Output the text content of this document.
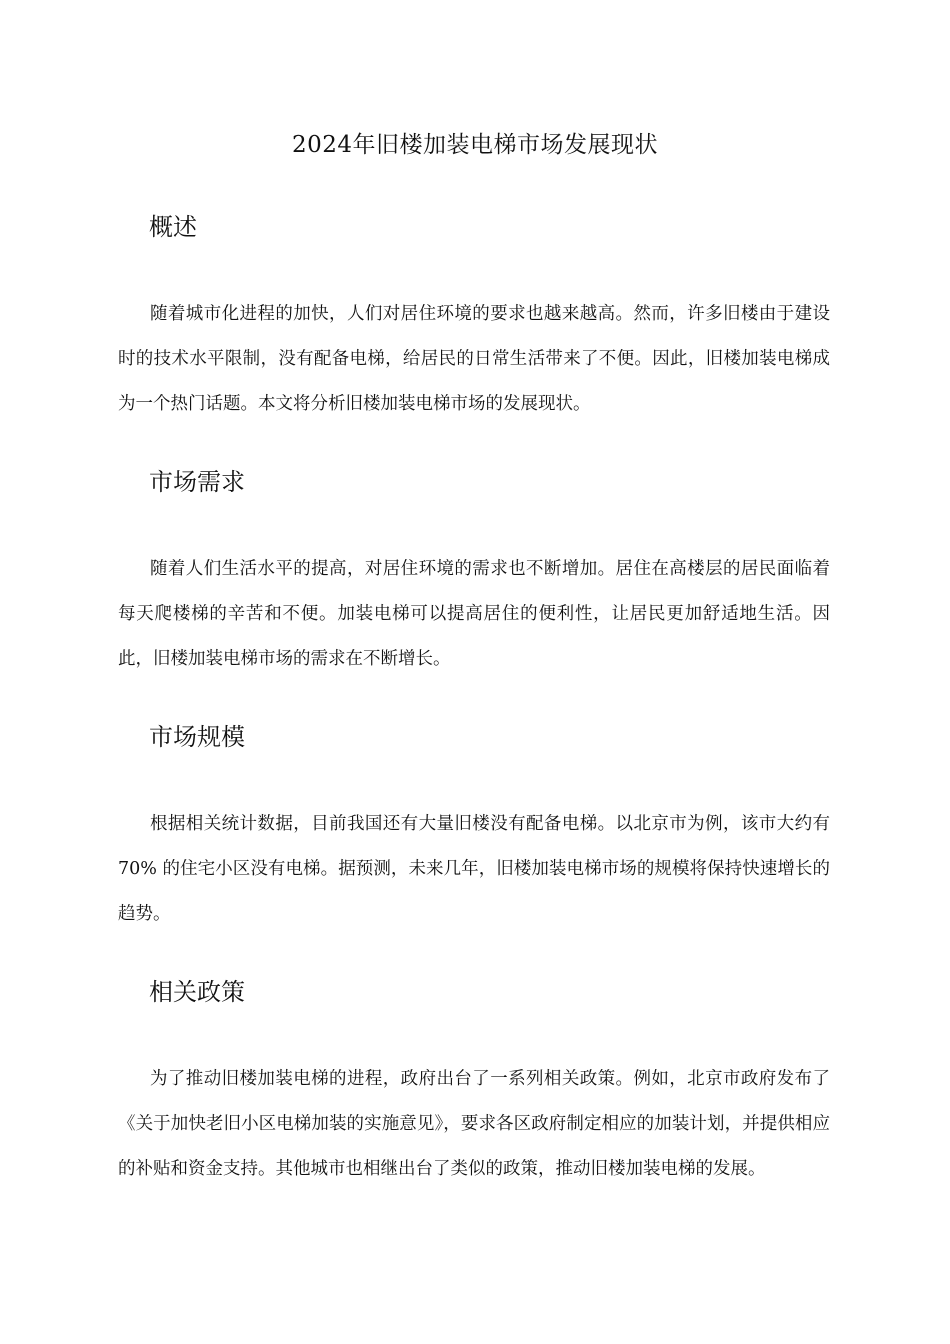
2024年旧楼加装电梯市场发展现状
概述

随着城市化进程的加快，人们对居住环境的要求也越来越高。然而，许多旧楼由于建设时的技术水平限制，没有配备电梯，给居民的日常生活带来了不便。因此，旧楼加装电梯成为一个热门话题。本文将分析旧楼加装电梯市场的发展现状。

市场需求

随着人们生活水平的提高，对居住环境的需求也不断增加。居住在高楼层的居民面临着每天爬楼梯的辛苦和不便。加装电梯可以提高居住的便利性，让居民更加舒适地生活。因此，旧楼加装电梯市场的需求在不断增长。

市场规模

根据相关统计数据，目前我国还有大量旧楼没有配备电梯。以北京市为例，该市大约有70% 的住宅小区没有电梯。据预测，未来几年，旧楼加装电梯市场的规模将保持快速增长的趋势。

相关政策

为了推动旧楼加装电梯的进程，政府出台了一系列相关政策。例如，北京市政府发布了《关于加快老旧小区电梯加装的实施意见》，要求各区政府制定相应的加装计划，并提供相应的补贴和资金支持。其他城市也相继出台了类似的政策，推动旧楼加装电梯的发展。
